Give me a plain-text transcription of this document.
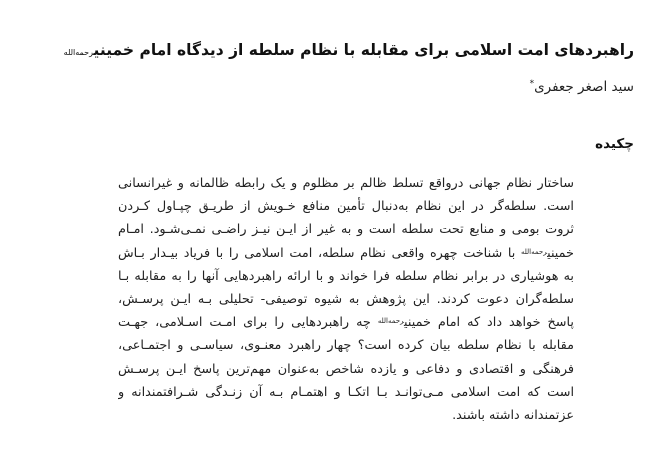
راهبردهای امت اسلامی برای مقابله با نظام سلطه از دیدگاه امام خمینی$^{رحمه‌الله}$
سید اصغر جعفری*
چکیده
ساختار نظام جهانی درواقع تسلط ظالم بر مظلوم و یک رابطه ظالمانه و غیرانسانی
است. سلطه‌گر در این نظام به‌دنبال تأمین منافع خـویش از طریـق چپـاول کـردن
ثروت بومی و منابع تحت سلطه است و به غیر از ایـن نیـز راضـی نمـی‌شـود. امـام
خمینی$^{رحمه‌الله}$ با شناخت چهره واقعی نظام سلطه، امت اسلامی را با فریاد بیـدار بـاش
به هوشیاری در برابر نظام سلطه فرا خواند و با ارائه راهبردهایی آنها را به مقابله بـا
سلطه‌گران دعوت کردند. این پژوهش به شیوه توصیفی- تحلیلی بـه ایـن پرسـش،
پاسخ خواهد داد که امام خمینی$^{رحمه‌الله}$ چه راهبردهایی را برای امـت اسـلامی، جهـت
مقابله با نظام سلطه بیان کرده است؟ چهار راهبرد معنـوی، سیاسـی و اجتمـاعی،
فرهنگی و اقتصادی و دفاعی و یازده شاخص به‌عنوان مهم‌ترین پاسخ ایـن پرسـش
است که امت اسلامی مـی‌توانـد بـا اتکـا و اهتمـام بـه آن زنـدگی شـرافتمندانه و
عزتمندانه داشته باشند.
